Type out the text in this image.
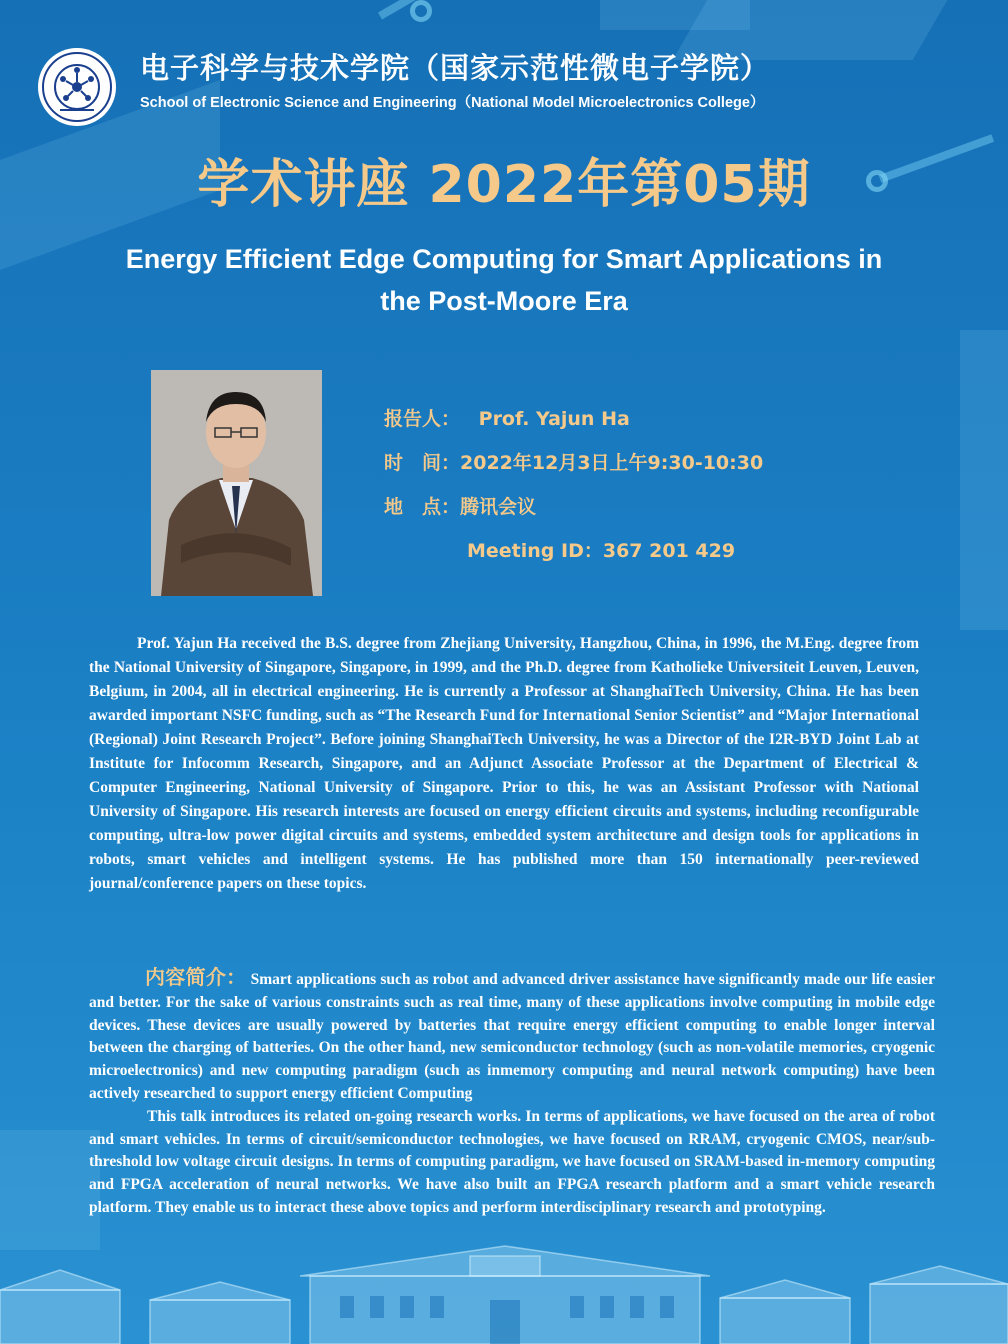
电子科学与技术学院（国家示范性微电子学院）
School of Electronic Science and Engineering（National Model Microelectronics College）
学术讲座 2022年第05期
Energy Efficient Edge Computing for Smart Applications in
the Post-Moore Era
报告人： Prof. Yajun Ha
时　间：2022年12月3日上午9:30-10:30
地　点：腾讯会议
Meeting ID：367 201 429
Prof. Yajun Ha received the B.S. degree from Zhejiang University, Hangzhou, China, in 1996, the M.Eng. degree from the National University of Singapore, Singapore, in 1999, and the Ph.D. degree from Katholieke Universiteit Leuven, Leuven, Belgium, in 2004, all in electrical engineering. He is currently a Professor at ShanghaiTech University, China. He has been awarded important NSFC funding, such as “The Research Fund for International Senior Scientist” and “Major International (Regional) Joint Research Project”. Before joining ShanghaiTech University, he was a Director of the I2R-BYD Joint Lab at Institute for Infocomm Research, Singapore, and an Adjunct Associate Professor at the Department of Electrical & Computer Engineering, National University of Singapore. Prior to this, he was an Assistant Professor with National University of Singapore. His research interests are focused on energy efficient circuits and systems, including reconfigurable computing, ultra-low power digital circuits and systems, embedded system architecture and design tools for applications in robots, smart vehicles and intelligent systems. He has published more than 150 internationally peer-reviewed journal/conference papers on these topics.

内容简介： Smart applications such as robot and advanced driver assistance have significantly made our life easier and better. For the sake of various constraints such as real time, many of these applications involve computing in mobile edge devices. These devices are usually powered by batteries that require energy efficient computing to enable longer interval between the charging of batteries. On the other hand, new semiconductor technology (such as non-volatile memories, cryogenic microelectronics) and new computing paradigm (such as inmemory computing and neural network computing) have been actively researched to support energy efficient Computing

This talk introduces its related on-going research works. In terms of applications, we have focused on the area of robot and smart vehicles. In terms of circuit/semiconductor technologies, we have focused on RRAM, cryogenic CMOS, near/sub-threshold low voltage circuit designs. In terms of computing paradigm, we have focused on SRAM-based in-memory computing and FPGA acceleration of neural networks. We have also built an FPGA research platform and a smart vehicle research platform. They enable us to interact these above topics and perform interdisciplinary research and prototyping.
